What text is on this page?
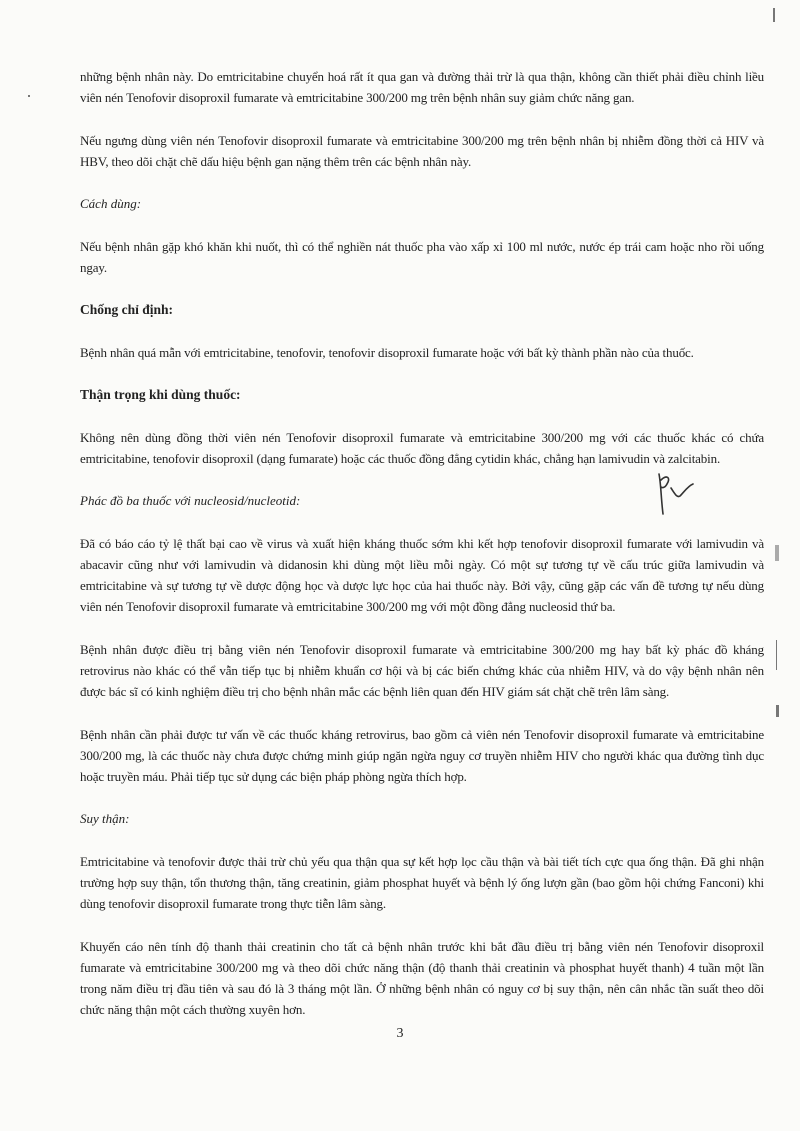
những bệnh nhân này. Do emtricitabine chuyển hoá rất ít qua gan và đường thải trừ là qua thận, không cần thiết phải điều chỉnh liều viên nén Tenofovir disoproxil fumarate và emtricitabine 300/200 mg trên bệnh nhân suy giảm chức năng gan.

Nếu ngưng dùng viên nén Tenofovir disoproxil fumarate và emtricitabine 300/200 mg trên bệnh nhân bị nhiễm đồng thời cả HIV và HBV, theo dõi chặt chẽ dấu hiệu bệnh gan nặng thêm trên các bệnh nhân này.

Cách dùng:

Nếu bệnh nhân gặp khó khăn khi nuốt, thì có thể nghiền nát thuốc pha vào xấp xỉ 100 ml nước, nước ép trái cam hoặc nho rồi uống ngay.

Chống chỉ định:

Bệnh nhân quá mẫn với emtricitabine, tenofovir, tenofovir disoproxil fumarate hoặc với bất kỳ thành phần nào của thuốc.

Thận trọng khi dùng thuốc:

Không nên dùng đồng thời viên nén Tenofovir disoproxil fumarate và emtricitabine 300/200 mg với các thuốc khác có chứa emtricitabine, tenofovir disoproxil (dạng fumarate) hoặc các thuốc đồng đẳng cytidin khác, chẳng hạn lamivudin và zalcitabin.

Phác đồ ba thuốc với nucleosid/nucleotid:

Đã có báo cáo tỷ lệ thất bại cao về virus và xuất hiện kháng thuốc sớm khi kết hợp tenofovir disoproxil fumarate với lamivudin và abacavir cũng như với lamivudin và didanosin khi dùng một liều mỗi ngày. Có một sự tương tự về cấu trúc giữa lamivudin và emtricitabine và sự tương tự về dược động học và dược lực học của hai thuốc này. Bởi vậy, cũng gặp các vấn đề tương tự nếu dùng viên nén Tenofovir disoproxil fumarate và emtricitabine 300/200 mg với một đồng đẳng nucleosid thứ ba.

Bệnh nhân được điều trị bằng viên nén Tenofovir disoproxil fumarate và emtricitabine 300/200 mg hay bất kỳ phác đồ kháng retrovirus nào khác có thể vẫn tiếp tục bị nhiễm khuẩn cơ hội và bị các biến chứng khác của nhiễm HIV, và do vậy bệnh nhân nên được bác sĩ có kinh nghiệm điều trị cho bệnh nhân mắc các bệnh liên quan đến HIV giám sát chặt chẽ trên lâm sàng.

Bệnh nhân cần phải được tư vấn về các thuốc kháng retrovirus, bao gồm cả viên nén Tenofovir disoproxil fumarate và emtricitabine 300/200 mg, là các thuốc này chưa được chứng minh giúp ngăn ngừa nguy cơ truyền nhiễm HIV cho người khác qua đường tình dục hoặc truyền máu. Phải tiếp tục sử dụng các biện pháp phòng ngừa thích hợp.

Suy thận:

Emtricitabine và tenofovir được thải trừ chủ yếu qua thận qua sự kết hợp lọc cầu thận và bài tiết tích cực qua ống thận. Đã ghi nhận trường hợp suy thận, tổn thương thận, tăng creatinin, giảm phosphat huyết và bệnh lý ống lượn gần (bao gồm hội chứng Fanconi) khi dùng tenofovir disoproxil fumarate trong thực tiễn lâm sàng.

Khuyến cáo nên tính độ thanh thải creatinin cho tất cả bệnh nhân trước khi bắt đầu điều trị bằng viên nén Tenofovir disoproxil fumarate và emtricitabine 300/200 mg và theo dõi chức năng thận (độ thanh thải creatinin và phosphat huyết thanh) 4 tuần một lần trong năm điều trị đầu tiên và sau đó là 3 tháng một lần. Ở những bệnh nhân có nguy cơ bị suy thận, nên cân nhắc tần suất theo dõi chức năng thận một cách thường xuyên hơn.

3
